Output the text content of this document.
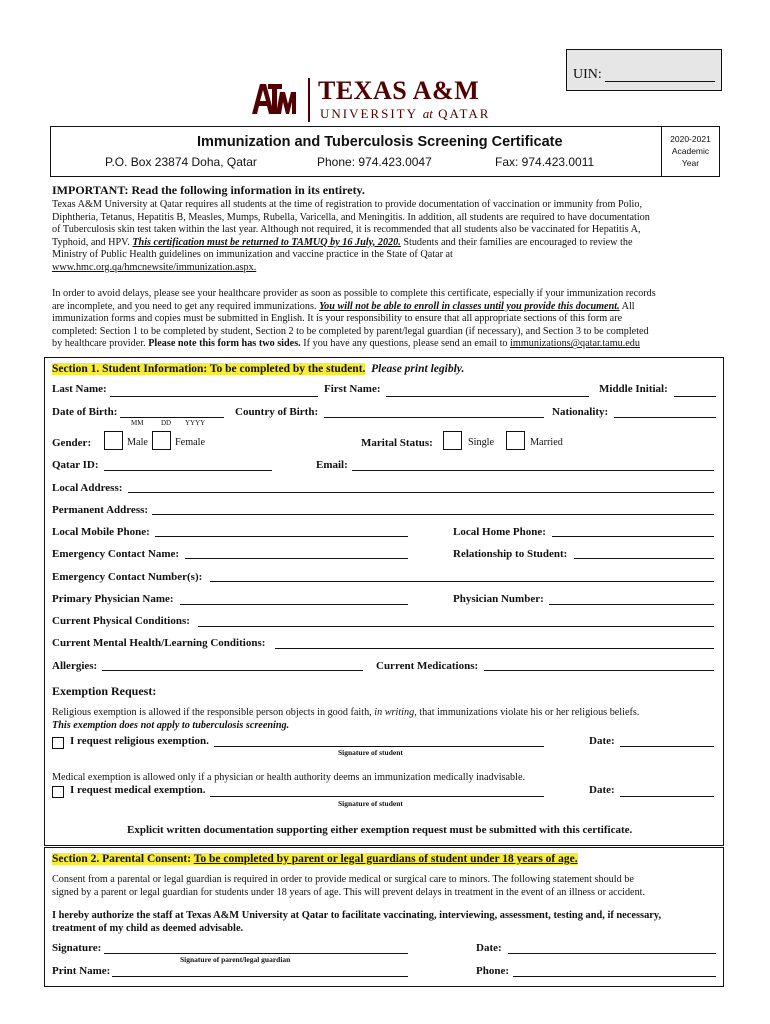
UIN:
TEXAS A&M
UNIVERSITY at QATAR
Immunization and Tuberculosis Screening Certificate
P.O. Box 23874 Doha, Qatar	Phone: 974.423.0047	Fax: 974.423.0011
2020-2021
Academic
Year
IMPORTANT: Read the following information in its entirety.
Texas A&M University at Qatar requires all students at the time of registration to provide documentation of vaccination or immunity from Polio,
Diphtheria, Tetanus, Hepatitis B, Measles, Mumps, Rubella, Varicella, and Meningitis. In addition, all students are required to have documentation
of Tuberculosis skin test taken within the last year. Although not required, it is recommended that all students also be vaccinated for Hepatitis A,
Typhoid, and HPV. This certification must be returned to TAMUQ by 16 July, 2020. Students and their families are encouraged to review the
Ministry of Public Health guidelines on immunization and vaccine practice in the State of Qatar at
www.hmc.org.qa/hmcnewsite/immunization.aspx.
In order to avoid delays, please see your healthcare provider as soon as possible to complete this certificate, especially if your immunization records
are incomplete, and you need to get any required immunizations. You will not be able to enroll in classes until you provide this document. All
immunization forms and copies must be submitted in English. It is your responsibility to ensure that all appropriate sections of this form are
completed: Section 1 to be completed by student, Section 2 to be completed by parent/legal guardian (if necessary), and Section 3 to be completed
by healthcare provider. Please note this form has two sides. If you have any questions, please send an email to immunizations@qatar.tamu.edu
Section 1. Student Information: To be completed by the student. Please print legibly.
Last Name:	First Name:	Middle Initial:
Date of Birth:
MM	DD YYYY
Country of Birth:	Nationality:
Gender:	Male	Female	Marital Status:	Single	Married
Qatar ID:	Email:
Local Address:
Permanent Address:
Local Mobile Phone:	Local Home Phone:
Emergency Contact Name:	Relationship to Student:
Emergency Contact Number(s):
Primary Physician Name:	Physician Number:
Current Physical Conditions:
Current Mental Health/Learning Conditions:
Allergies:	Current Medications:
Exemption Request:
Religious exemption is allowed if the responsible person objects in good faith, in writing, that immunizations violate his or her religious beliefs.
This exemption does not apply to tuberculosis screening.
I request religious exemption.
Signature of student
Date:
Medical exemption is allowed only if a physician or health authority deems an immunization medically inadvisable.
I request medical exemption.
Signature of student
Date:
Explicit written documentation supporting either exemption request must be submitted with this certificate.
Section 2. Parental Consent: To be completed by parent or legal guardians of student under 18 years of age.
Consent from a parental or legal guardian is required in order to provide medical or surgical care to minors. The following statement should be
signed by a parent or legal guardian for students under 18 years of age. This will prevent delays in treatment in the event of an illness or accident.
I hereby authorize the staff at Texas A&M University at Qatar to facilitate vaccinating, interviewing, assessment, testing and, if necessary,
treatment of my child as deemed advisable.
Signature:
Signature of parent/legal guardian
Date:
Print Name:	Phone:
